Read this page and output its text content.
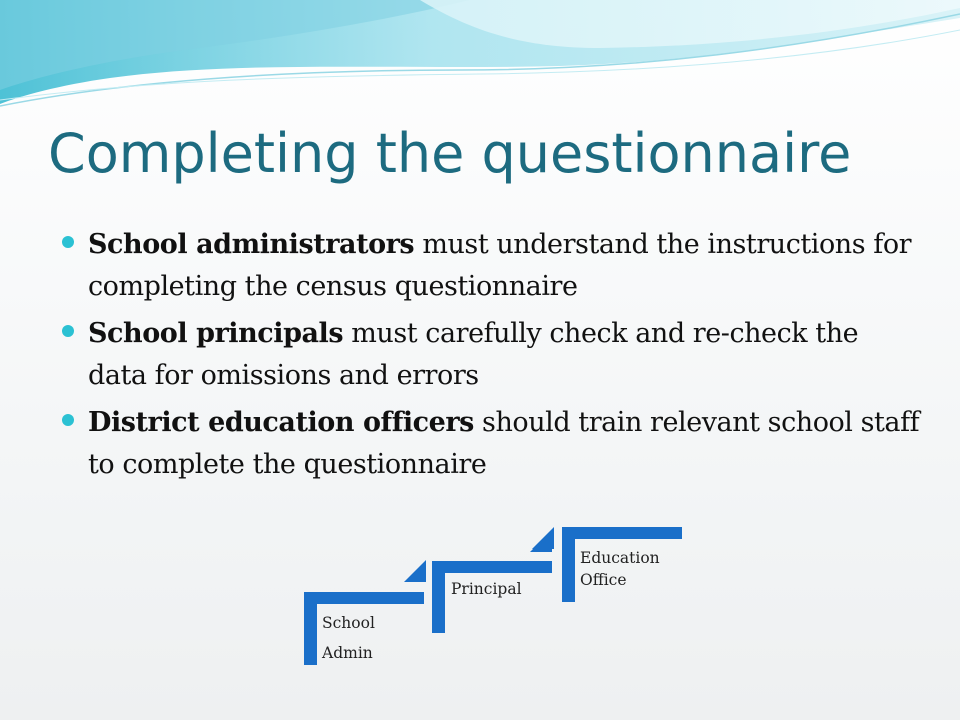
Completing the questionnaire
School administrators must understand the instructions for completing the census questionnaire
School principals must carefully check and re-check the data for omissions and errors
District education officers should train relevant school staff to complete the questionnaire
School
Admin
Principal
Education
Office
